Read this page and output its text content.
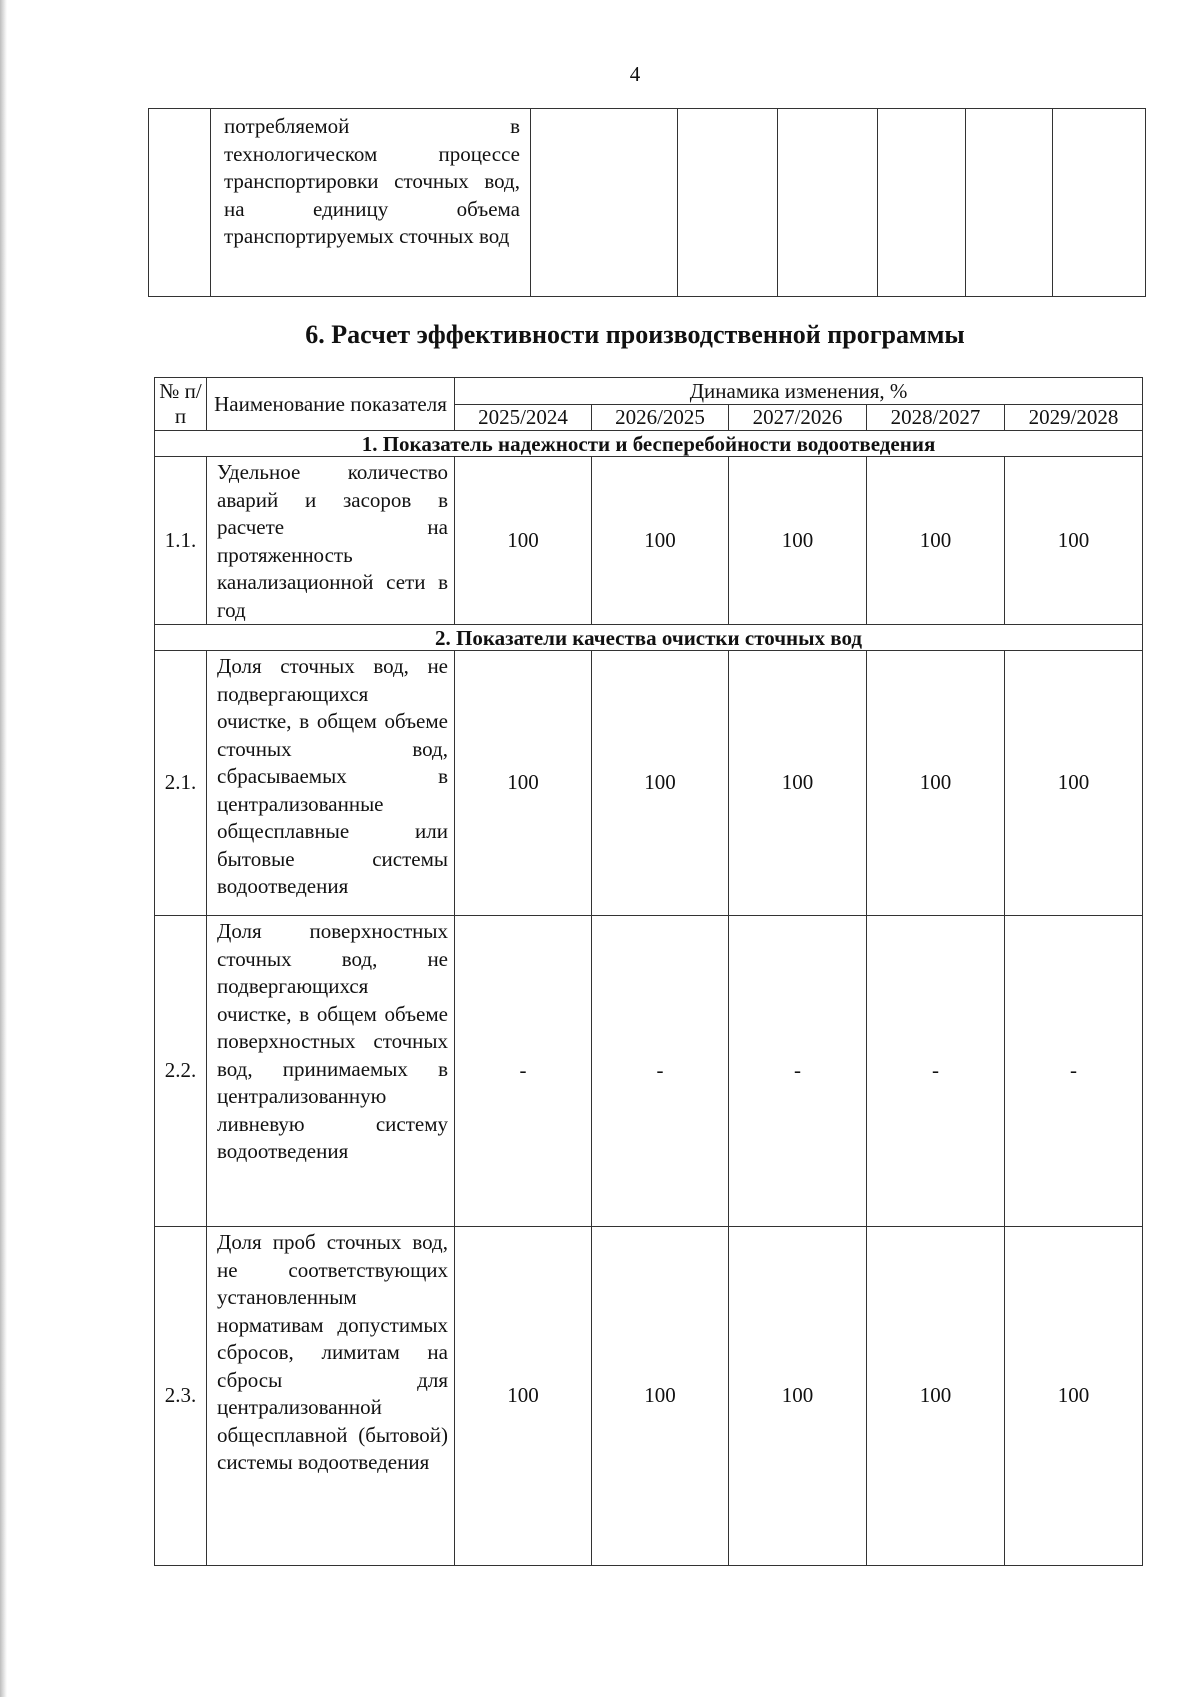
4
	потребляемой в технологическом процессе транспортировки сточных вод, на единицу объема транспортируемых сточных вод						
6. Расчет эффективности производственной программы
№ п/п	Наименование показателя	Динамика изменения, %				
		2025/2024	2026/2025	2027/2026	2028/2027	2029/2028
1. Показатель надежности и бесперебойности водоотведения						
1.1.	Удельное количество аварий и засоров в расчете на протяженность канализационной сети в год	100	100	100	100	100
2. Показатели качества очистки сточных вод						
2.1.	Доля сточных вод, не подвергающихся очистке, в общем объеме сточных вод, сбрасываемых в централизованные общесплавные или бытовые системы водоотведения	100	100	100	100	100
2.2.	Доля поверхностных сточных вод, не подвергающихся очистке, в общем объеме поверхностных сточных вод, принимаемых в централизованную ливневую систему водоотведения	-	-	-	-	-
2.3.	Доля проб сточных вод, не соответствующих установленным нормативам допустимых сбросов, лимитам на сбросы для централизованной общесплавной (бытовой) системы водоотведения	100	100	100	100	100
